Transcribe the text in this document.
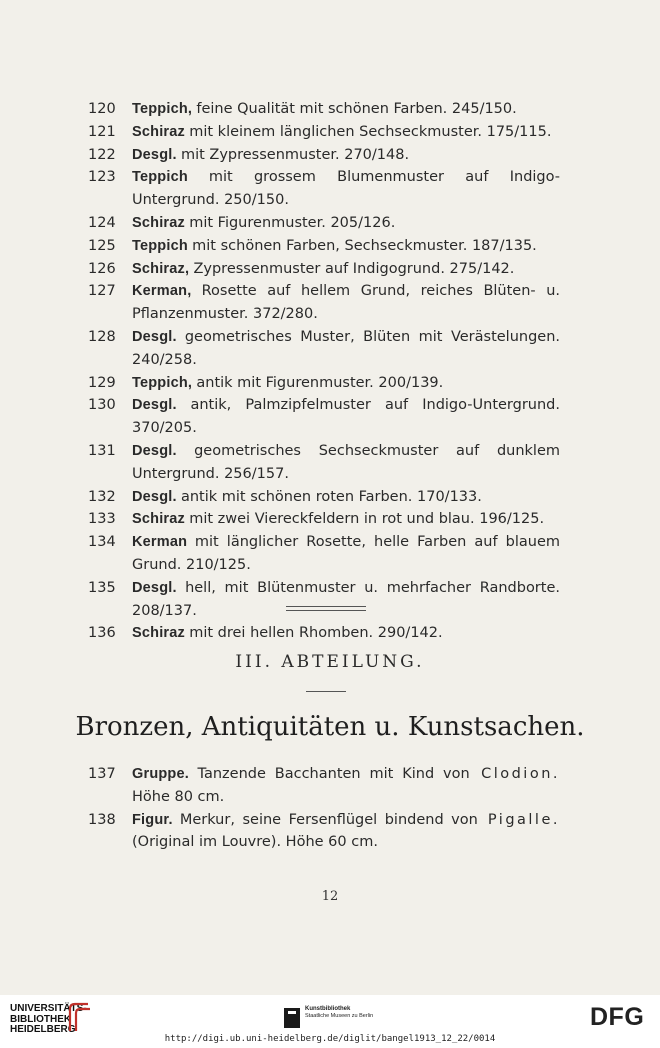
120	Teppich, feine Qualität mit schönen Farben. 245/150.
121	Schiraz mit kleinem länglichen Sechseckmuster. 175/115.
122	Desgl. mit Zypressenmuster. 270/148.
123	Teppich mit grossem Blumenmuster auf Indigo-Untergrund. 250/150.
124	Schiraz mit Figurenmuster. 205/126.
125	Teppich mit schönen Farben, Sechseckmuster. 187/135.
126	Schiraz, Zypressenmuster auf Indigogrund. 275/142.
127	Kerman, Rosette auf hellem Grund, reiches Blüten- u. Pflanzenmuster. 372/280.
128	Desgl. geometrisches Muster, Blüten mit Verästelungen. 240/258.
129	Teppich, antik mit Figurenmuster. 200/139.
130	Desgl. antik, Palmzipfelmuster auf Indigo-Untergrund. 370/205.
131	Desgl. geometrisches Sechseckmuster auf dunklem Untergrund. 256/157.
132	Desgl. antik mit schönen roten Farben. 170/133.
133	Schiraz mit zwei Viereckfeldern in rot und blau. 196/125.
134	Kerman mit länglicher Rosette, helle Farben auf blauem Grund. 210/125.
135	Desgl. hell, mit Blütenmuster u. mehrfacher Randborte. 208/137.
136	Schiraz mit drei hellen Rhomben. 290/142.
III. ABTEILUNG.
Bronzen, Antiquitäten u. Kunstsachen.
137	Gruppe. Tanzende Bacchanten mit Kind von Clodion. Höhe 80 cm.
138	Figur. Merkur, seine Fersenflügel bindend von Pigalle. (Original im Louvre). Höhe 60 cm.
12
UNIVERSITÄTS-
BIBLIOTHEK
HEIDELBERG
Kunstbibliothek
Staatliche Museen zu Berlin	DFG
http://digi.ub.uni-heidelberg.de/diglit/bangel1913_12_22/0014
